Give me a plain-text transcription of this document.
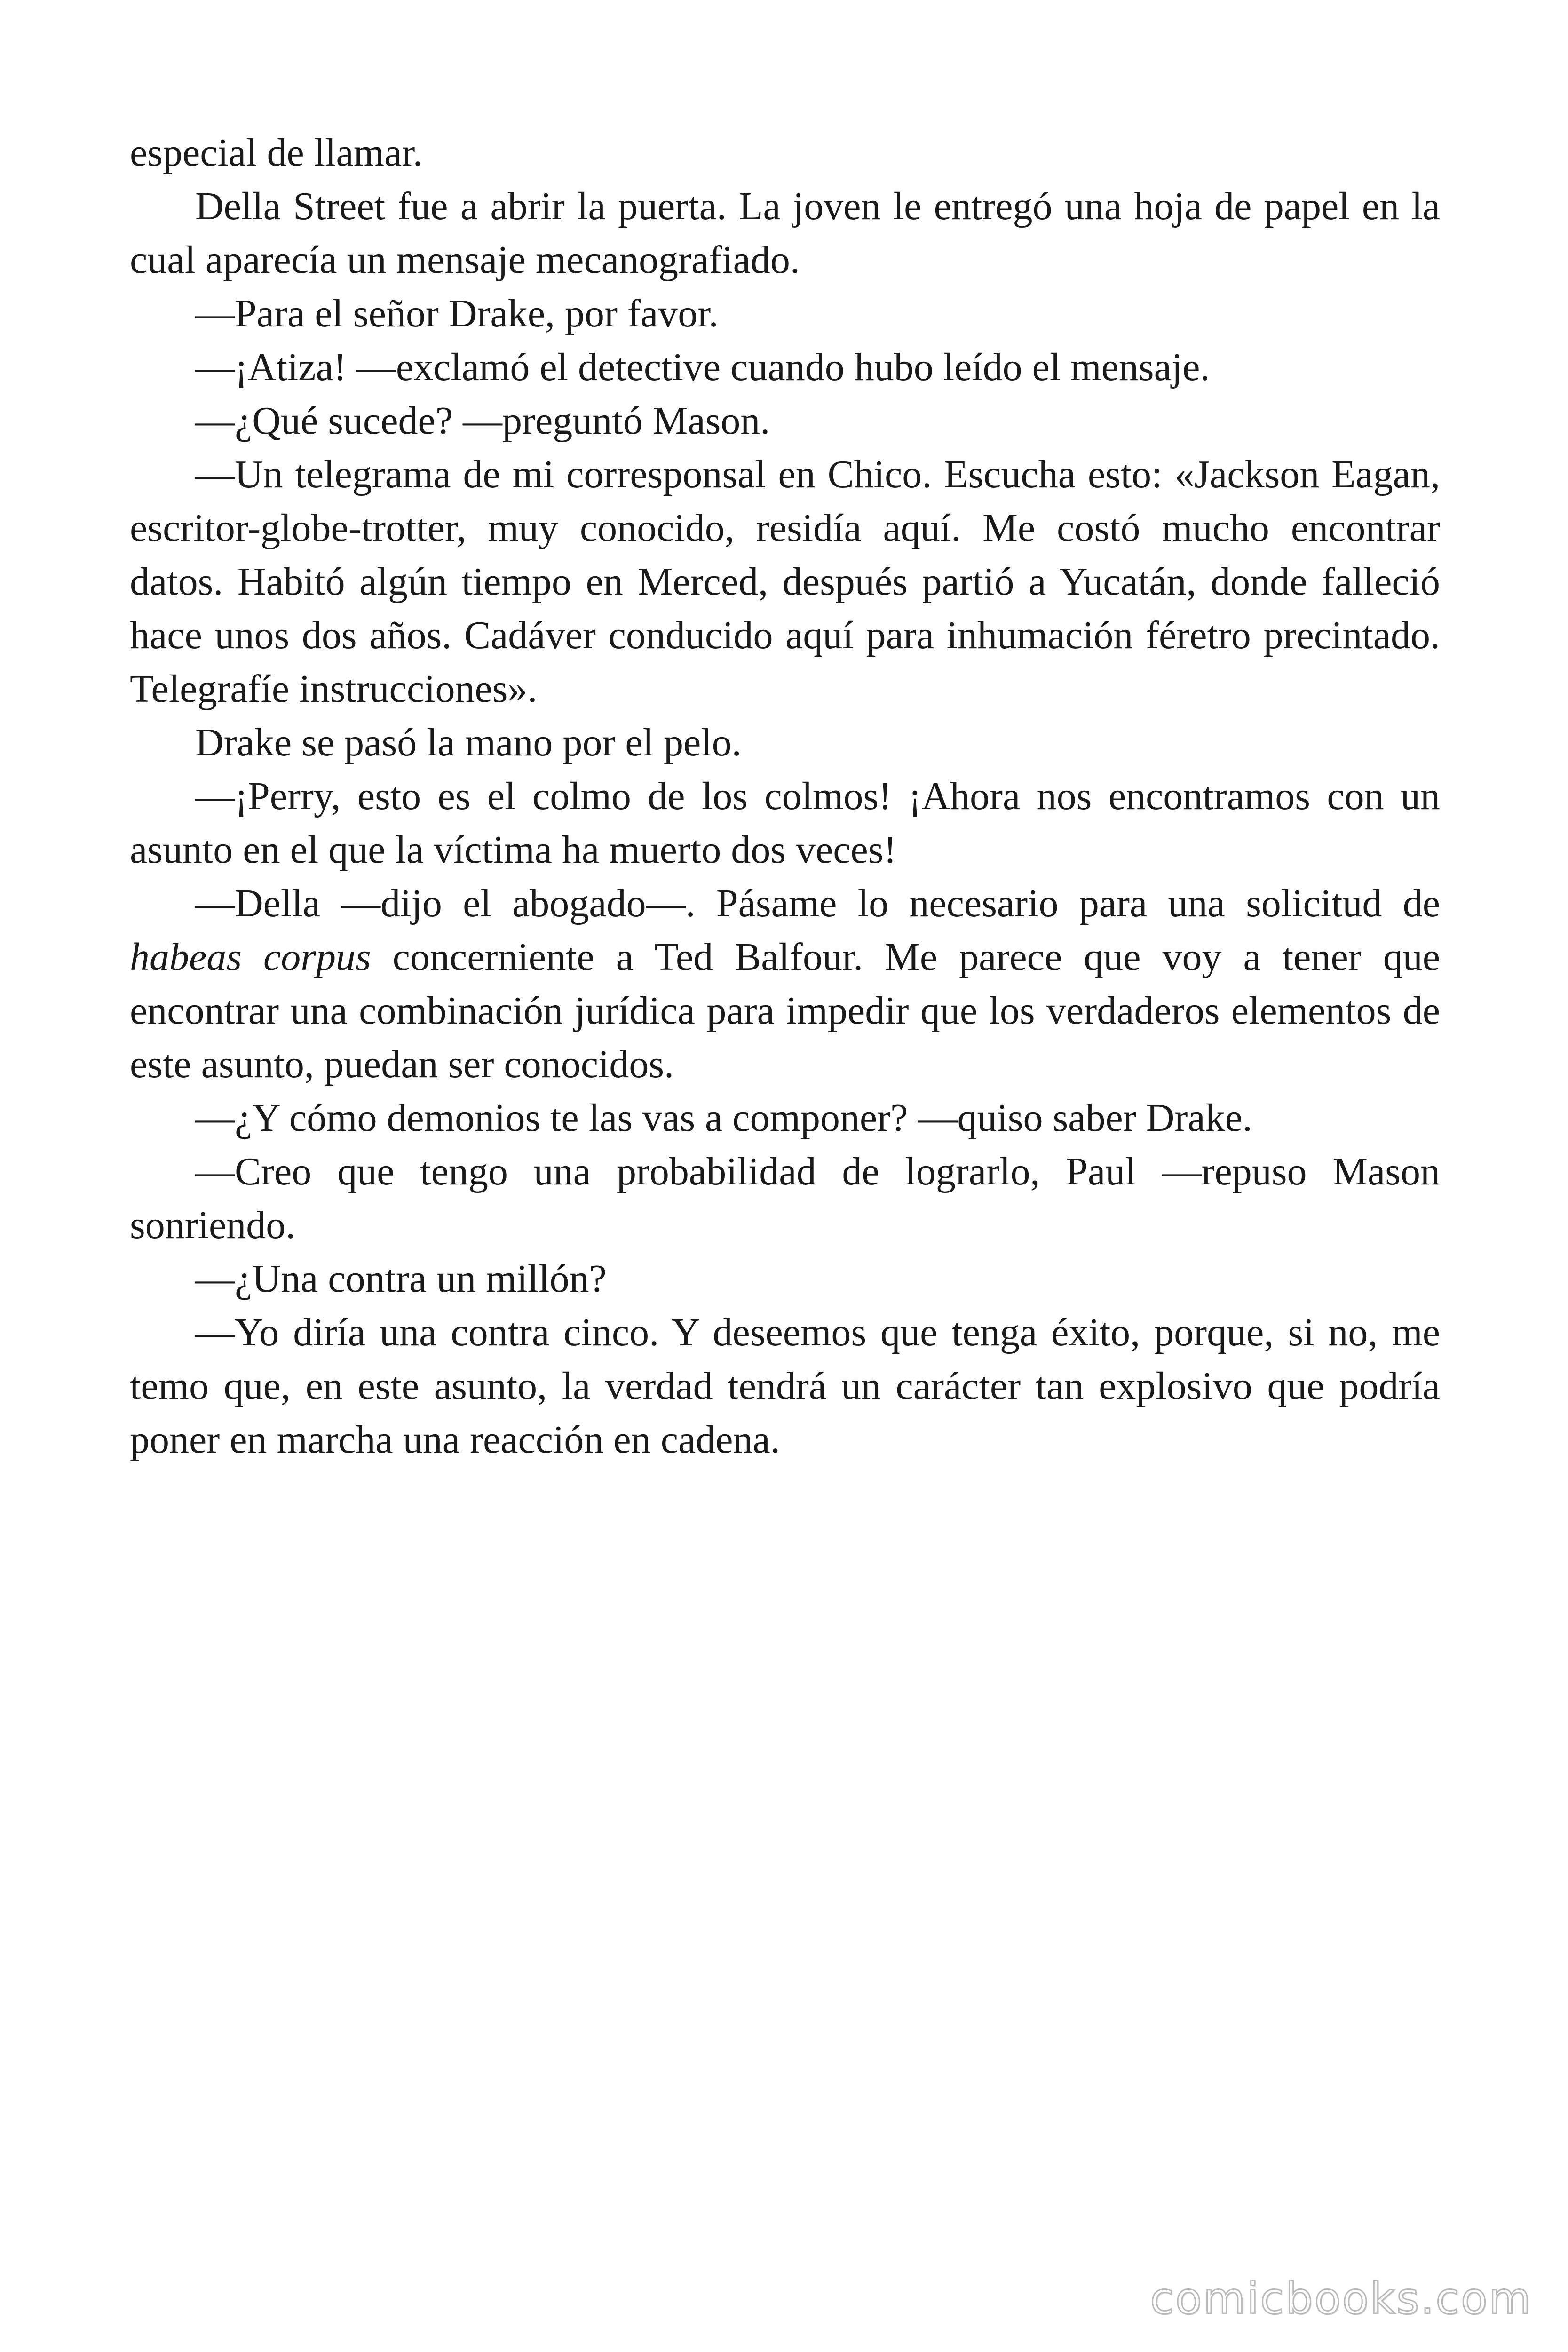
especial de llamar.

Della Street fue a abrir la puerta. La joven le entregó una hoja de papel en la cual aparecía un mensaje mecanografiado.

—Para el señor Drake, por favor.

—¡Atiza! —exclamó el detective cuando hubo leído el mensaje.

—¿Qué sucede? —preguntó Mason.

—Un telegrama de mi corresponsal en Chico. Escucha esto: «Jackson Eagan, escritor-globe-trotter, muy conocido, residía aquí. Me costó mucho encontrar datos. Habitó algún tiempo en Merced, después partió a Yucatán, donde falleció hace unos dos años. Cadáver conducido aquí para inhumación féretro precintado. Telegrafíe instrucciones».

Drake se pasó la mano por el pelo.

—¡Perry, esto es el colmo de los colmos! ¡Ahora nos encontramos con un asunto en el que la víctima ha muerto dos veces!

—Della —dijo el abogado—. Pásame lo necesario para una solicitud de habeas corpus concerniente a Ted Balfour. Me parece que voy a tener que encontrar una combinación jurídica para impedir que los verdaderos elementos de este asunto, puedan ser conocidos.

—¿Y cómo demonios te las vas a componer? —quiso saber Drake.

—Creo que tengo una probabilidad de lograrlo, Paul —repuso Mason sonriendo.

—¿Una contra un millón?

—Yo diría una contra cinco. Y deseemos que tenga éxito, porque, si no, me temo que, en este asunto, la verdad tendrá un carácter tan explosivo que podría poner en marcha una reacción en cadena.

comicbooks.com
